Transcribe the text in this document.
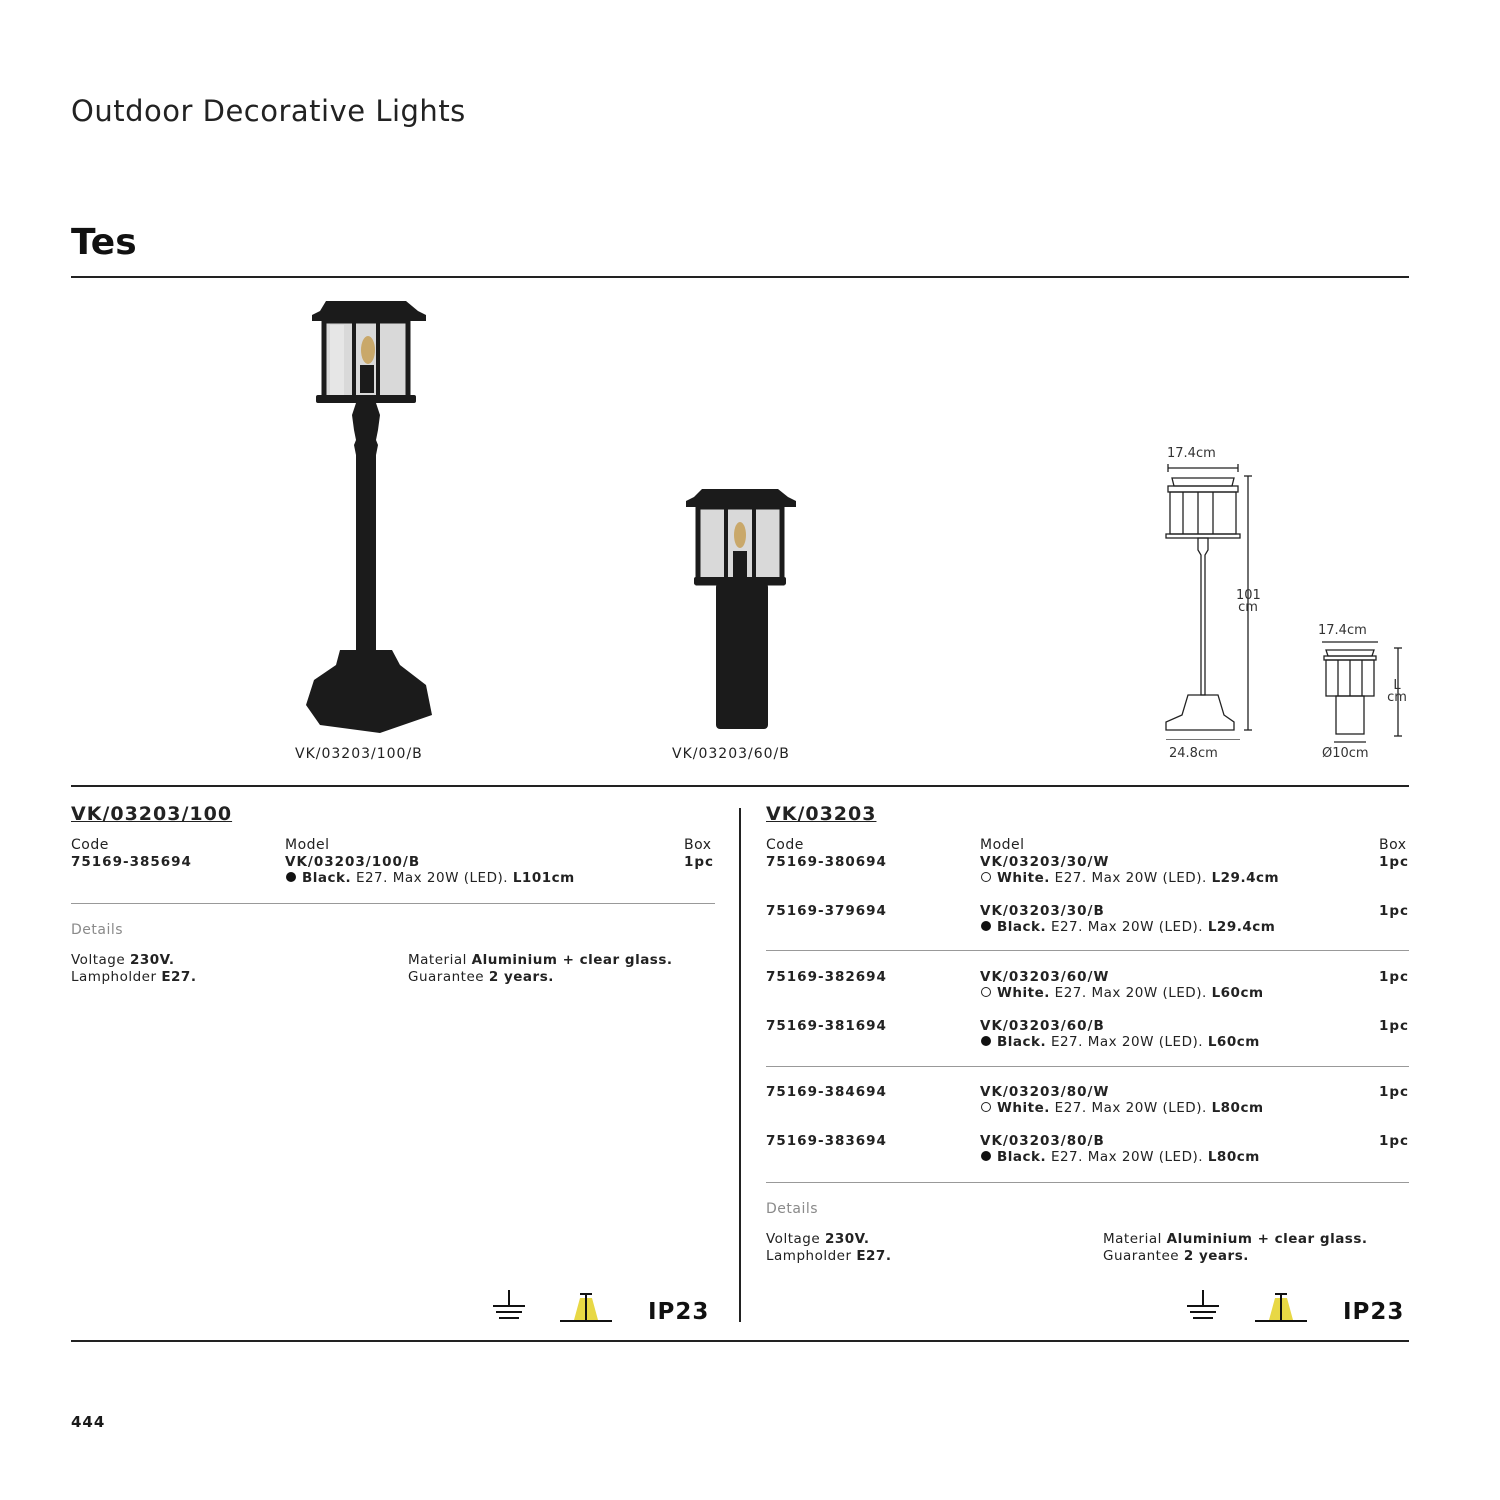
Outdoor Decorative Lights
Tes
VK/03203/100/B	VK/03203/60/B
17.4cm
101
cm
24.8cm
17.4cm
L
cm
Ø10cm
VK/03203/100
Code	Model	Box
75169-385694	VK/03203/100/B	1pc
Black. E27. Max 20W (LED). L101cm
Details
Voltage 230V.
Lampholder E27.
Material Aluminium + clear glass.
Guarantee 2 years.
IP23
VK/03203
Code	Model	Box
75169-380694	VK/03203/30/W	1pc
White. E27. Max 20W (LED). L29.4cm
75169-379694	VK/03203/30/B	1pc
Black. E27. Max 20W (LED). L29.4cm
75169-382694	VK/03203/60/W	1pc
White. E27. Max 20W (LED). L60cm
75169-381694	VK/03203/60/B	1pc
Black. E27. Max 20W (LED). L60cm
75169-384694	VK/03203/80/W	1pc
White. E27. Max 20W (LED). L80cm
75169-383694	VK/03203/80/B	1pc
Black. E27. Max 20W (LED). L80cm
Details
Voltage 230V.
Lampholder E27.
Material Aluminium + clear glass.
Guarantee 2 years.
IP23
444
